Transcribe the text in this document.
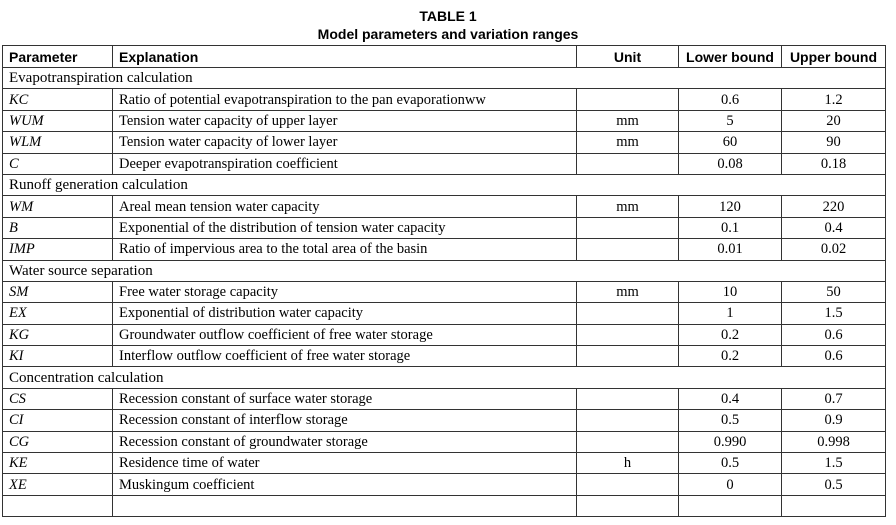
TABLE 1
Model parameters and variation ranges
Parameter	Explanation	Unit	Lower bound	Upper bound
Evapotranspiration calculation				
KC	Ratio of potential evapotranspiration to the pan evaporationww		0.6	1.2
WUM	Tension water capacity of upper layer	mm	5	20
WLM	Tension water capacity of lower layer	mm	60	90
C	Deeper evapotranspiration coefficient		0.08	0.18
Runoff generation calculation				
WM	Areal mean tension water capacity	mm	120	220
B	Exponential of the distribution of tension water capacity		0.1	0.4
IMP	Ratio of impervious area to the total area of the basin		0.01	0.02
Water source separation				
SM	Free water storage capacity	mm	10	50
EX	Exponential of distribution water capacity		1	1.5
KG	Groundwater outflow coefficient of free water storage		0.2	0.6
KI	Interflow outflow coefficient of free water storage		0.2	0.6
Concentration calculation				
CS	Recession constant of surface water storage		0.4	0.7
CI	Recession constant of interflow storage		0.5	0.9
CG	Recession constant of groundwater storage		0.990	0.998
KE	Residence time of water	h	0.5	1.5
XE	Muskingum coefficient		0	0.5
